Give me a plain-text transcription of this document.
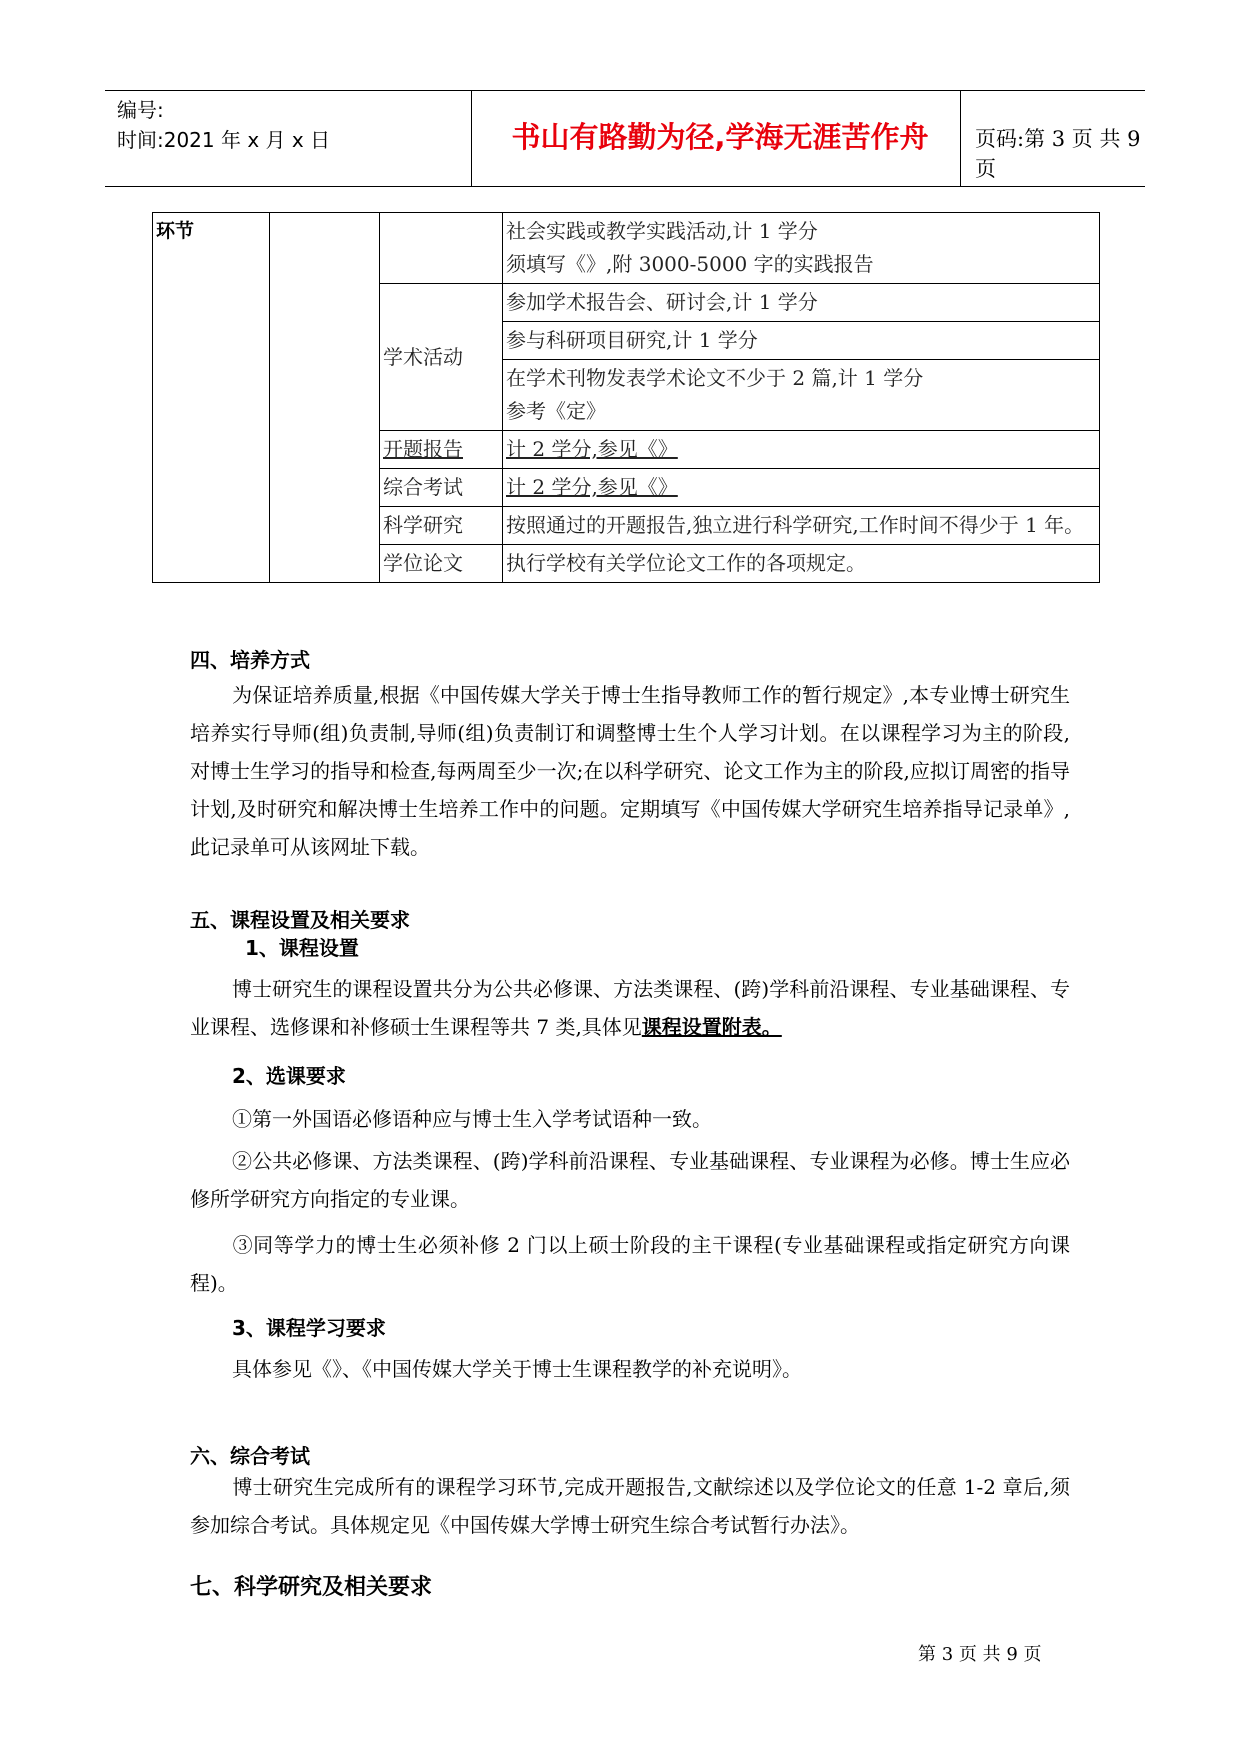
编号:
时间:2021 年 x 月 x 日	书山有路勤为径,学海无涯苦作舟	页码:第 3 页 共 9 页
环节			社会实践或教学实践活动,计 1 学分
须填写《》,附 3000-5000 字的实践报告

		学术活动	参加学术报告会、研讨会,计 1 学分
			参与科研项目研究,计 1 学分

			在学术刊物发表学术论文不少于 2 篇,计 1 学分
参考《定》

		开题报告	计 2 学分,参见《》
		综合考试	计 2 学分,参见《》
		科学研究	按照通过的开题报告,独立进行科学研究,工作时间不得少于 1 年。
		学位论文	执行学校有关学位论文工作的各项规定。
四、培养方式
为保证培养质量,根据《中国传媒大学关于博士生指导教师工作的暂行规定》,本专业博士研究生培养实行导师(组)负责制,导师(组)负责制订和调整博士生个人学习计划。在以课程学习为主的阶段,对博士生学习的指导和检查,每两周至少一次;在以科学研究、论文工作为主的阶段,应拟订周密的指导计划,及时研究和解决博士生培养工作中的问题。定期填写《中国传媒大学研究生培养指导记录单》,此记录单可从该网址下载。
五、课程设置及相关要求
1、课程设置
博士研究生的课程设置共分为公共必修课、方法类课程、(跨)学科前沿课程、专业基础课程、专业课程、选修课和补修硕士生课程等共 7 类,具体见课程设置附表。
2、选课要求
①第一外国语必修语种应与博士生入学考试语种一致。
②公共必修课、方法类课程、(跨)学科前沿课程、专业基础课程、专业课程为必修。博士生应必修所学研究方向指定的专业课。
③同等学力的博士生必须补修 2 门以上硕士阶段的主干课程(专业基础课程或指定研究方向课程)。
3、课程学习要求
具体参见《》、《中国传媒大学关于博士生课程教学的补充说明》。
六、综合考试
博士研究生完成所有的课程学习环节,完成开题报告,文献综述以及学位论文的任意 1-2 章后,须参加综合考试。具体规定见《中国传媒大学博士研究生综合考试暂行办法》。
七、科学研究及相关要求
第 3 页 共 9 页
